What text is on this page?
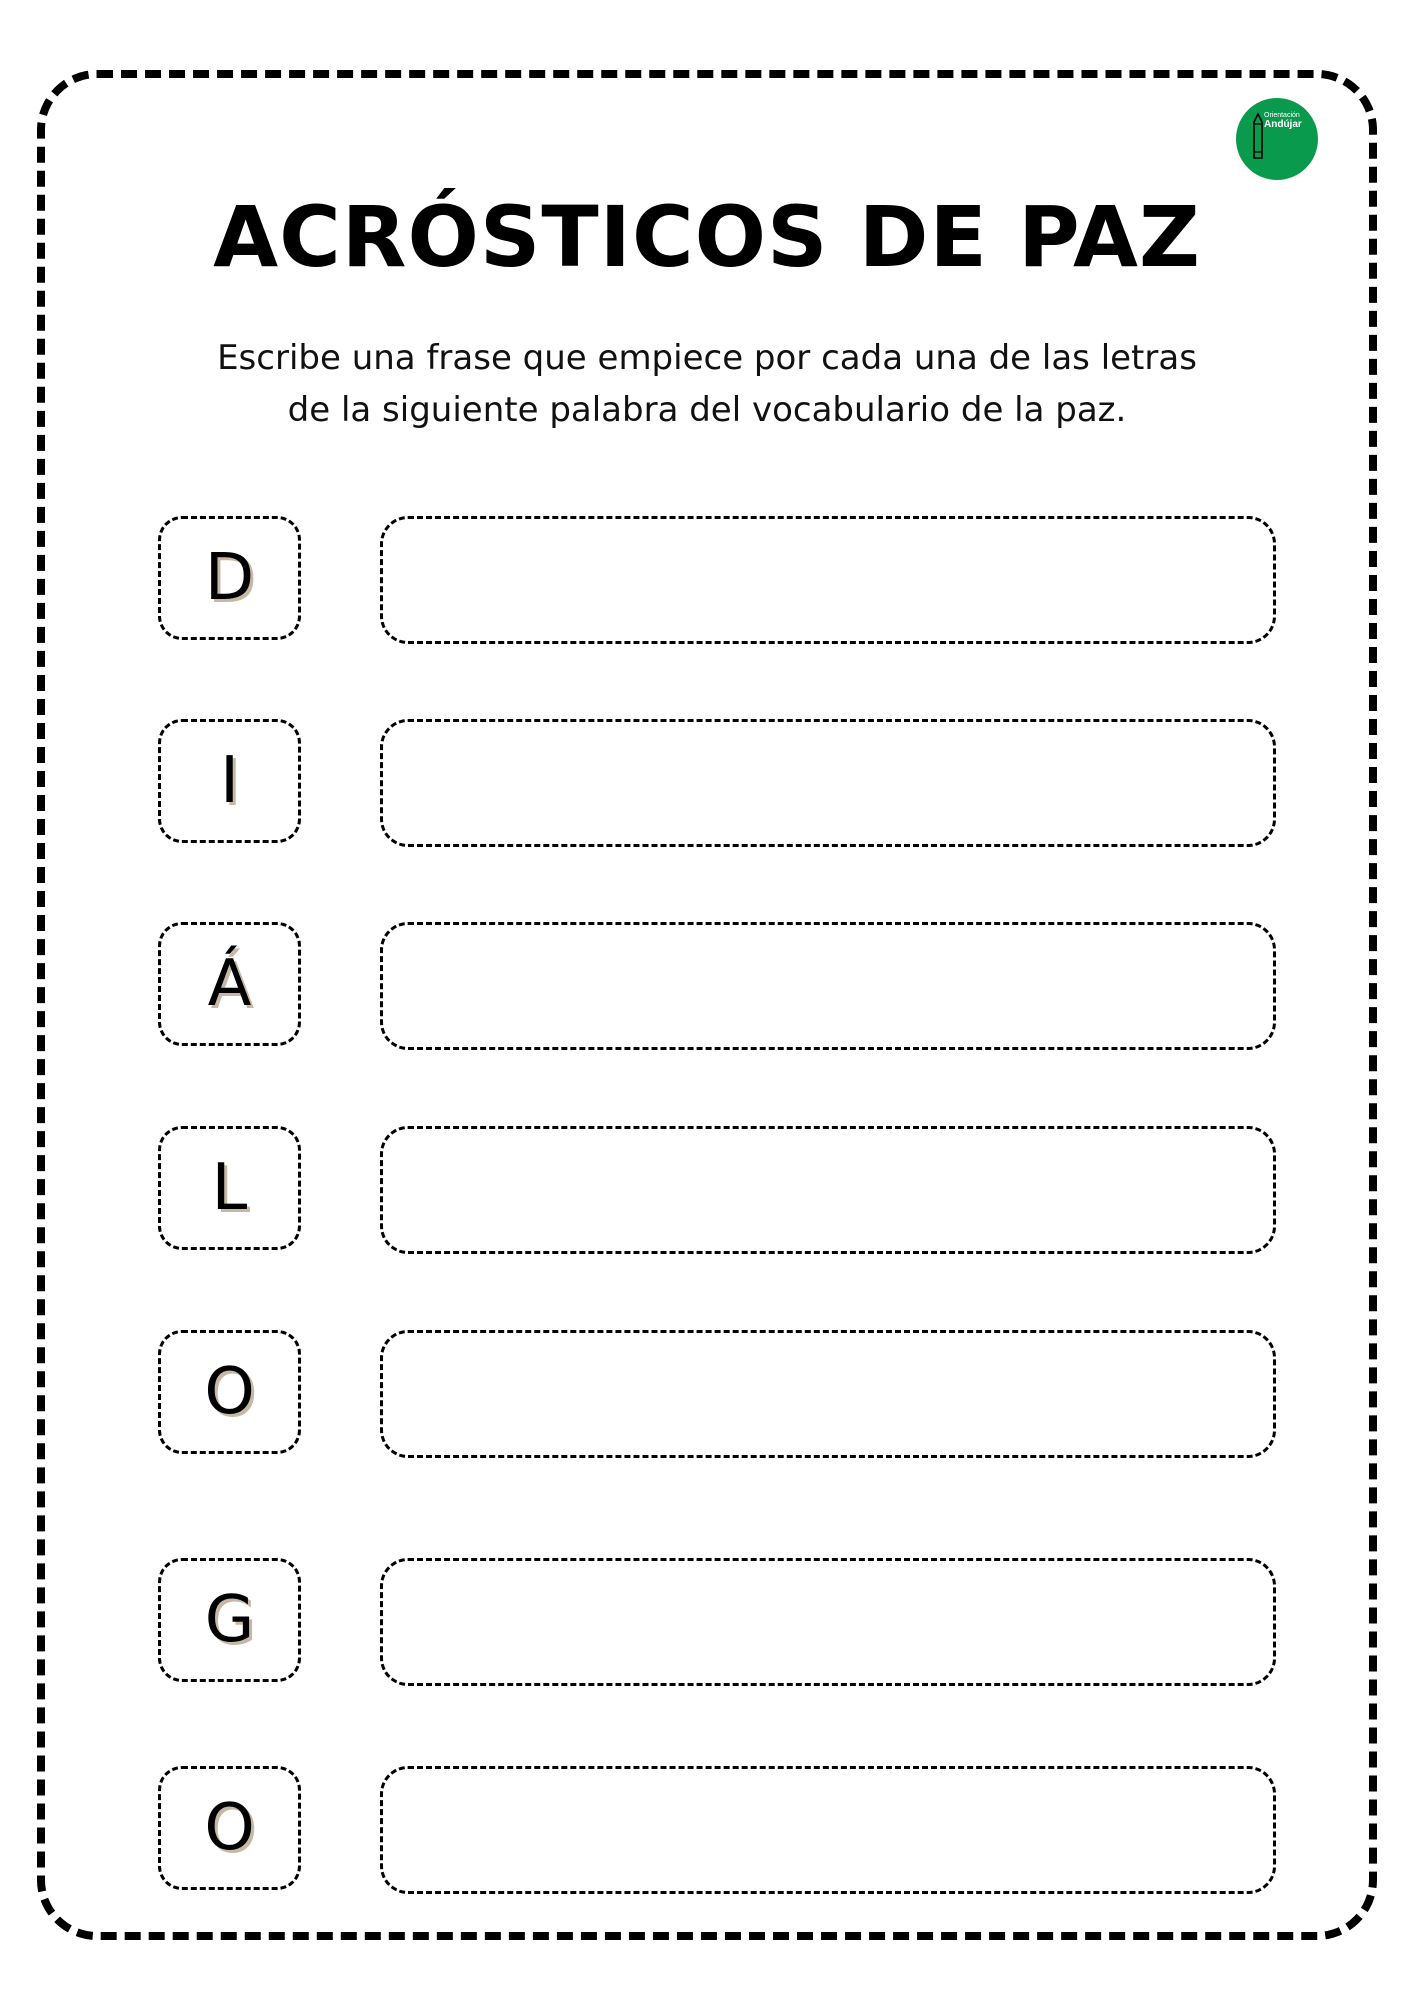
Orientación
Andújar
ACRÓSTICOS DE PAZ

Escribe una frase que empiece por cada una de las letras
de la siguiente palabra del vocabulario de la paz.

D
I
Á
L
O
G
O
